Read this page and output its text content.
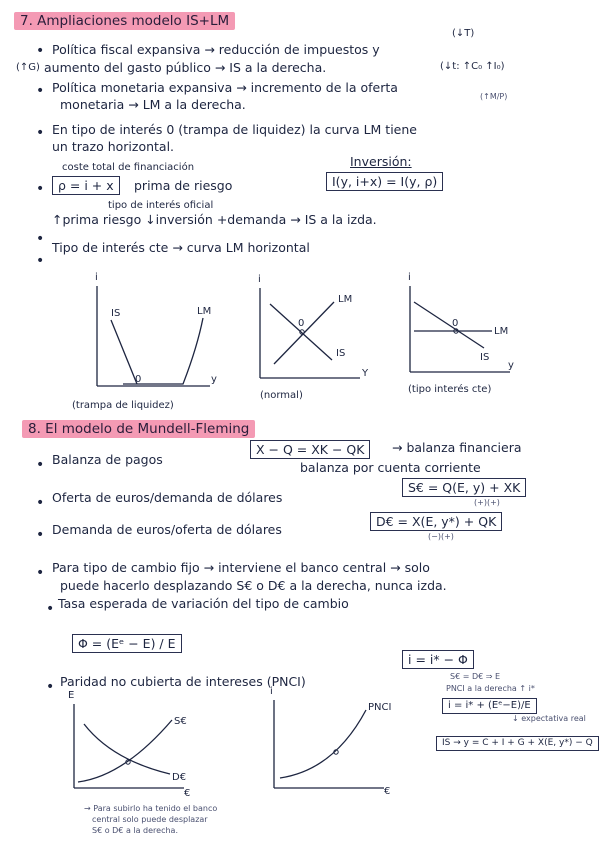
7. Ampliaciones modelo IS+LM
(↓T)
• Política fiscal expansiva → reducción de impuestos y
(↑G) aumento del gasto público → IS a la derecha.	(↓t: ↑C₀ ↑I₀)
• Política monetaria expansiva → incremento de la oferta
monetaria → LM a la derecha.
(↑M/P)
• En tipo de interés 0 (trampa de liquidez) la curva LM tiene
un trazo horizontal.
coste total de financiación
•	ρ = i + x	prima de riesgo
tipo de interés oficial
Inversión:
I(y, i+x) = I(y, ρ)
•
↑prima riesgo ↓inversión +demanda → IS a la izda.
•
Tipo de interés cte → curva LM horizontal
i
y
IS	LM
0
(trampa de liquidez)
i
Y
IS
LM
0
(normal)
i
y
IS
LM
0
(tipo interés cte)
8. El modelo de Mundell-Fleming
• Balanza de pagos
X − Q = XK − QK	→ balanza financiera
balanza por cuenta corriente
• Oferta de euros/demanda de dólares
S€ = Q(E, y) + XK
(+)(+)
• Demanda de euros/oferta de dólares
D€ = X(E, y*) + QK
(−)(+)
• Para tipo de cambio fijo → interviene el banco central → solo
puede hacerlo desplazando S€ o D€ a la derecha, nunca izda.
• Tasa esperada de variación del tipo de cambio
Φ = (Eᵉ − E) / E
• Paridad no cubierta de intereses (PNCI)
i = i* − Φ
S€ = D€ ⇒ E
PNCI a la derecha ↑ i*
i = i* + (Eᵉ−E)/E
↓ expectativa real
IS → y = C + I + G + X(E, y*) − Q
E
S€
D€
€
→ Para subirlo ha tenido el banco
central solo puede desplazar
S€ o D€ a la derecha.
i
PNCI
€
